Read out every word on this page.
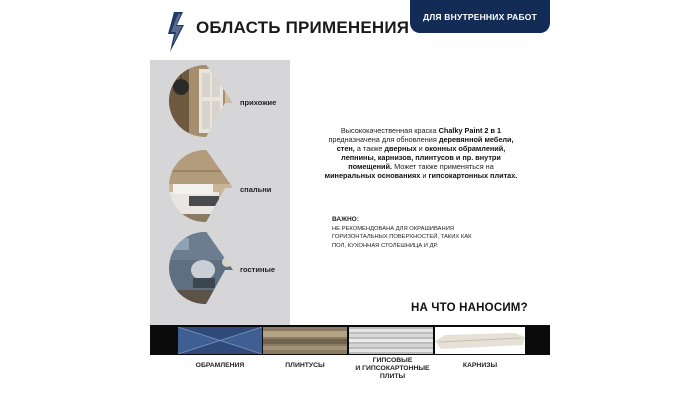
ОБЛАСТЬ ПРИМЕНЕНИЯ
ДЛЯ ВНУТРЕННИХ РАБОТ
прихожие
спальни
гостиные
Высококачественная краска Chalky Paint 2 в 1 предназначена для обновления деревянной мебели, стен, а также дверных и оконных обрамлений, лепнины, карнизов, плинтусов и пр. внутри помещений. Может также применяться на минеральных основаниях и гипсокартонных плитах.
ВАЖНО:
НЕ РЕКОМЕНДОВАНА ДЛЯ ОКРАШИВАНИЯ
ГОРИЗОНТАЛЬНЫХ ПОВЕРХНОСТЕЙ, ТАКИХ КАК
ПОЛ, КУХОННАЯ СТОЛЕШНИЦА И ДР.
НА ЧТО НАНОСИМ?
ОБРАМЛЕНИЯ	ПЛИНТУСЫ
ГИПСОВЫЕ
И ГИПСОКАРТОННЫЕ
ПЛИТЫ
КАРНИЗЫ
